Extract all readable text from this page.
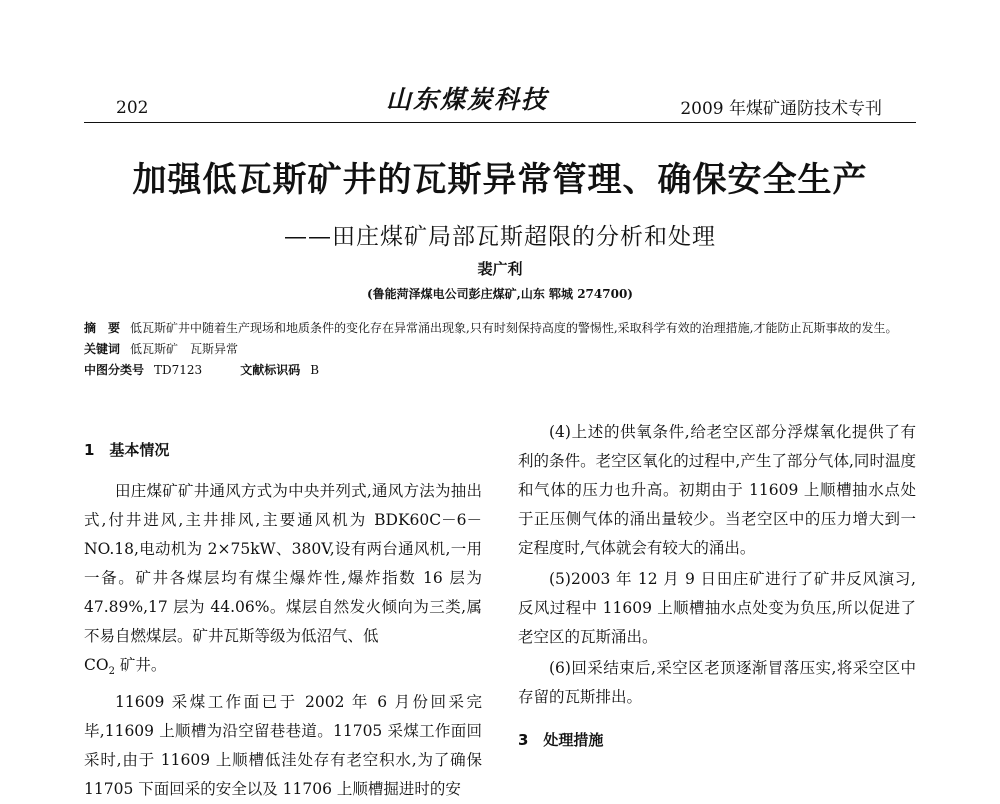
202	山东煤炭科技	2009 年煤矿通防技术专刊
加强低瓦斯矿井的瓦斯异常管理、确保安全生产
——田庄煤矿局部瓦斯超限的分析和处理
裴广利
(鲁能菏泽煤电公司彭庄煤矿,山东 郓城 274700)
摘　要 低瓦斯矿井中随着生产现场和地质条件的变化存在异常涌出现象,只有时刻保持高度的警惕性,采取科学有效的治理措施,才能防止瓦斯事故的发生。
关键词 低瓦斯矿　瓦斯异常
中图分类号 TD7123	文献标识码 B
1　基本情况

田庄煤矿矿井通风方式为中央并列式,通风方法为抽出式,付井进风,主井排风,主要通风机为 BDK60C－6－NO.18,电动机为 2×75kW、380V,设有两台通风机,一用一备。矿井各煤层均有煤尘爆炸性,爆炸指数 16 层为 47.89%,17 层为 44.06%。煤层自然发火倾向为三类,属不易自燃煤层。矿井瓦斯等级为低沼气、低
$CO_2$ 矿井。

11609 采煤工作面已于 2002 年 6 月份回采完毕,11609 上顺槽为沿空留巷巷道。11705 采煤工作面回采时,由于 11609 上顺槽低洼处存有老空积水,为了确保 11705 下面回采的安全以及 11706 上顺槽掘进时的安

(4)上述的供氧条件,给老空区部分浮煤氧化提供了有利的条件。老空区氧化的过程中,产生了部分气体,同时温度和气体的压力也升高。初期由于 11609 上顺槽抽水点处于正压侧气体的涌出量较少。当老空区中的压力增大到一定程度时,气体就会有较大的涌出。

(5)2003 年 12 月 9 日田庄矿进行了矿井反风演习,反风过程中 11609 上顺槽抽水点处变为负压,所以促进了老空区的瓦斯涌出。

(6)回采结束后,采空区老顶逐渐冒落压实,将采空区中存留的瓦斯排出。

3　处理措施
